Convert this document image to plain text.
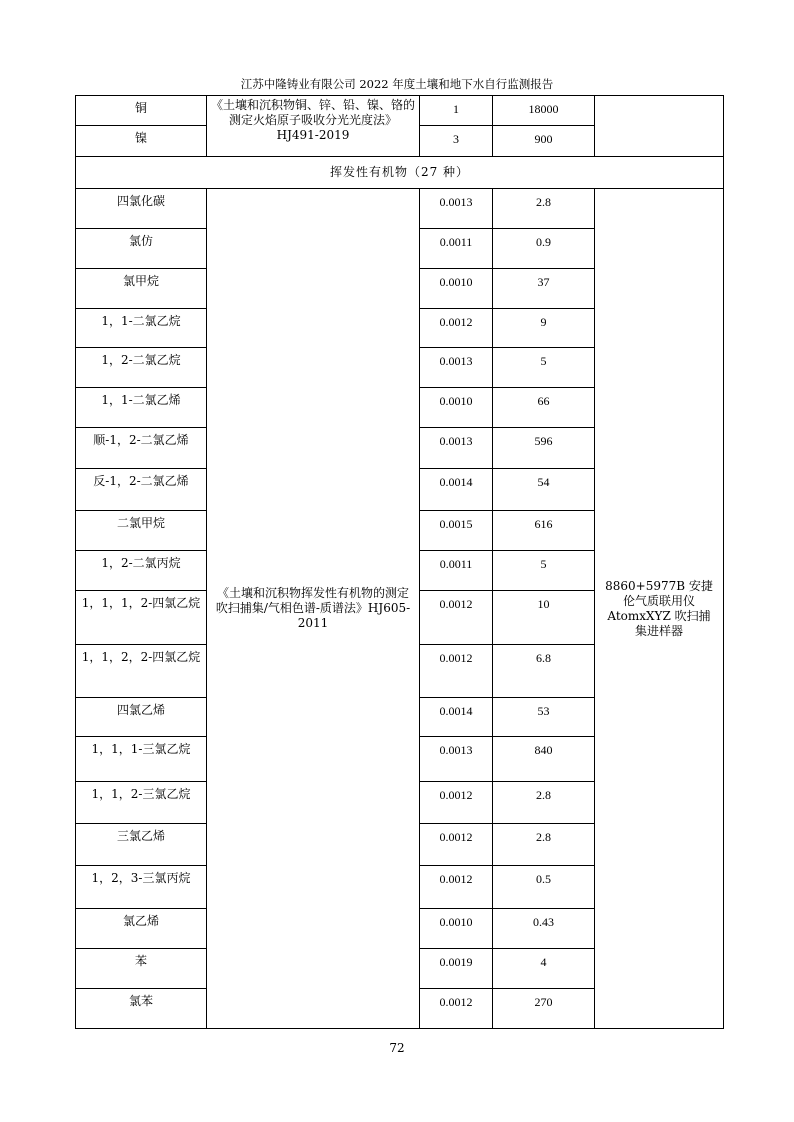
江苏中隆铸业有限公司 2022 年度土壤和地下水自行监测报告
铜	《土壤和沉积物铜、锌、铅、镍、铬的测定火焰原子吸收分光光度法》HJ491-2019	1	18000	
镍		3	900	
挥发性有机物（27 种）				
四氯化碳	《土壤和沉积物挥发性有机物的测定吹扫捕集/气相色谱-质谱法》HJ605-2011	0.0013	2.8	8860+5977B 安捷伦气质联用仪 AtomxXYZ 吹扫捕集进样器
氯仿		0.0011	0.9	
氯甲烷		0.0010	37	
1，1-二氯乙烷		0.0012	9	
1，2-二氯乙烷		0.0013	5	
1，1-二氯乙烯		0.0010	66	
顺-1，2-二氯乙烯		0.0013	596	
反-1，2-二氯乙烯		0.0014	54	
二氯甲烷		0.0015	616	
1，2-二氯丙烷		0.0011	5	
1，1，1，2-四氯乙烷		0.0012	10	
1，1，2，2-四氯乙烷		0.0012	6.8	
四氯乙烯		0.0014	53	
1，1，1-三氯乙烷		0.0013	840	
1，1，2-三氯乙烷		0.0012	2.8	
三氯乙烯		0.0012	2.8	
1，2，3-三氯丙烷		0.0012	0.5	
氯乙烯		0.0010	0.43	
苯		0.0019	4	
氯苯		0.0012	270	
72
